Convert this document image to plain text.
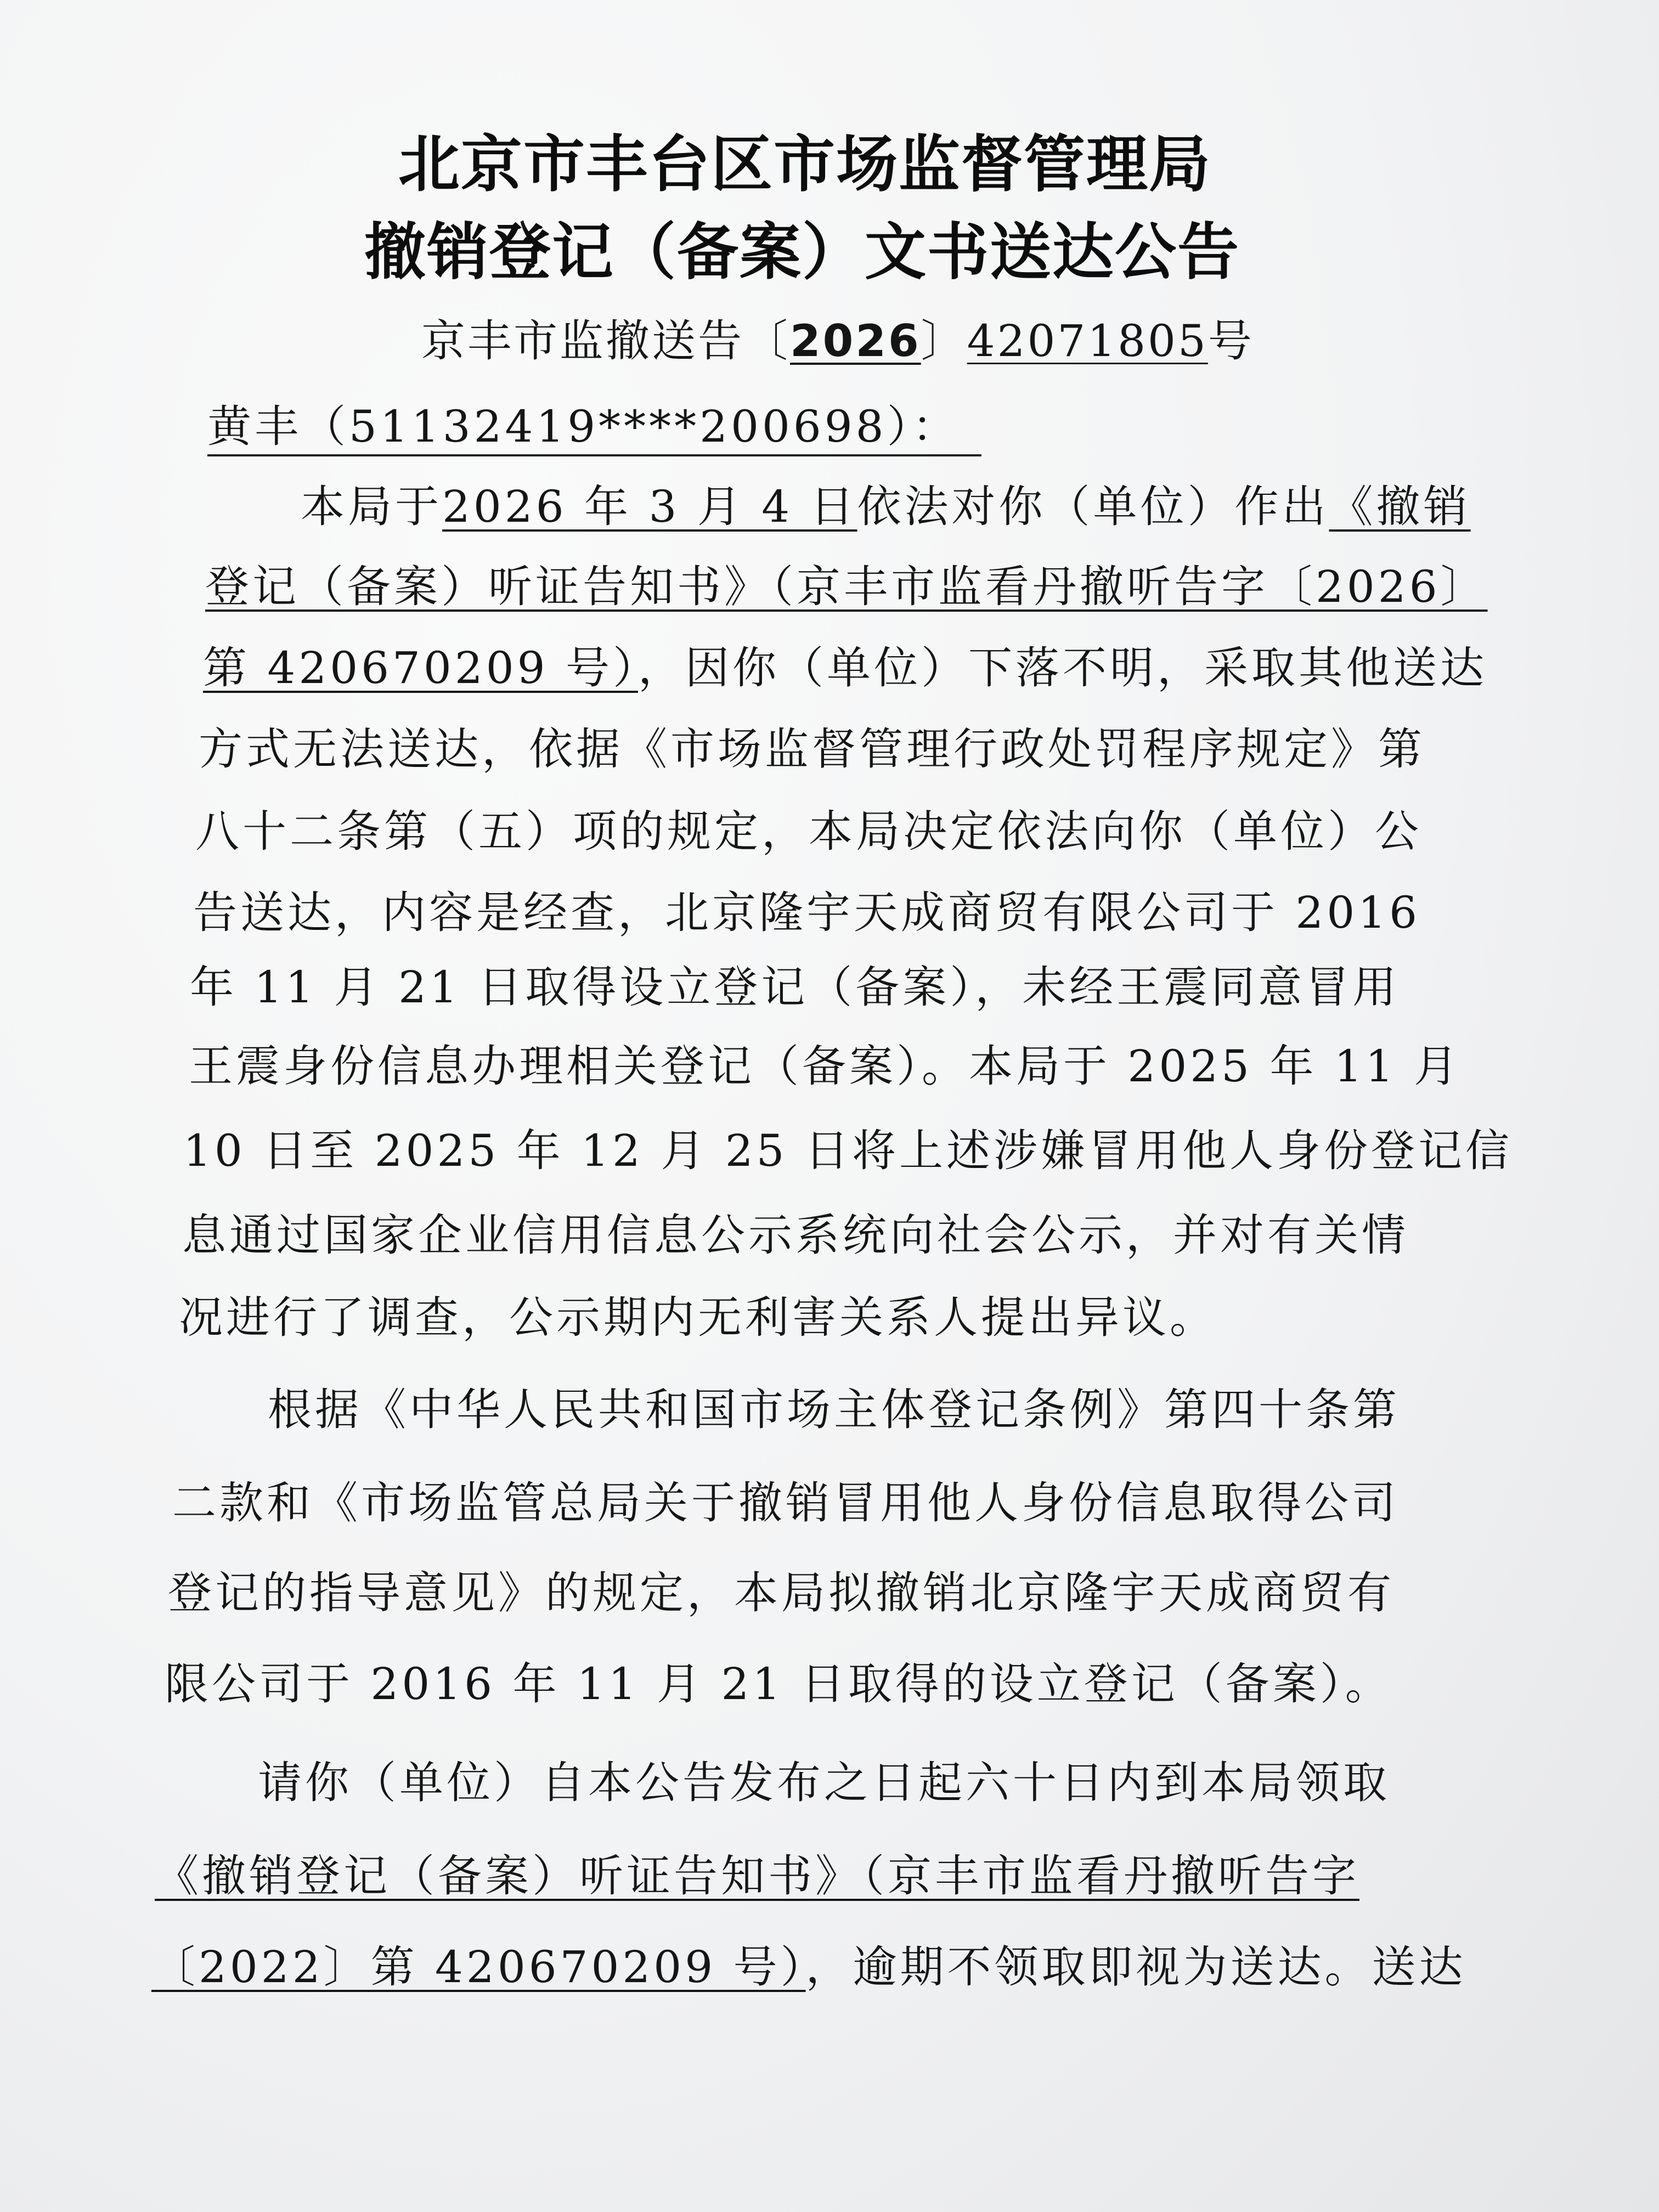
北京市丰台区市场监督管理局
撤销登记（备案）文书送达公告
京丰市监撤送告〔2026〕42071805号
黄丰（51132419****200698）：
本局于2026 年 3 月 4 日依法对你（单位）作出《撤销
登记（备案）听证告知书》（京丰市监看丹撤听告字〔2026〕
第 420670209 号），因你（单位）下落不明，采取其他送达
方式无法送达，依据《市场监督管理行政处罚程序规定》第
八十二条第（五）项的规定，本局决定依法向你（单位）公
告送达，内容是经查，北京隆宇天成商贸有限公司于 2016
年 11 月 21 日取得设立登记（备案），未经王震同意冒用
王震身份信息办理相关登记（备案）。本局于 2025 年 11 月
10 日至 2025 年 12 月 25 日将上述涉嫌冒用他人身份登记信
息通过国家企业信用信息公示系统向社会公示，并对有关情
况进行了调查，公示期内无利害关系人提出异议。
根据《中华人民共和国市场主体登记条例》第四十条第
二款和《市场监管总局关于撤销冒用他人身份信息取得公司
登记的指导意见》的规定，本局拟撤销北京隆宇天成商贸有
限公司于 2016 年 11 月 21 日取得的设立登记（备案）。
请你（单位）自本公告发布之日起六十日内到本局领取
《撤销登记（备案）听证告知书》（京丰市监看丹撤听告字
〔2022〕第 420670209 号），逾期不领取即视为送达。送达
